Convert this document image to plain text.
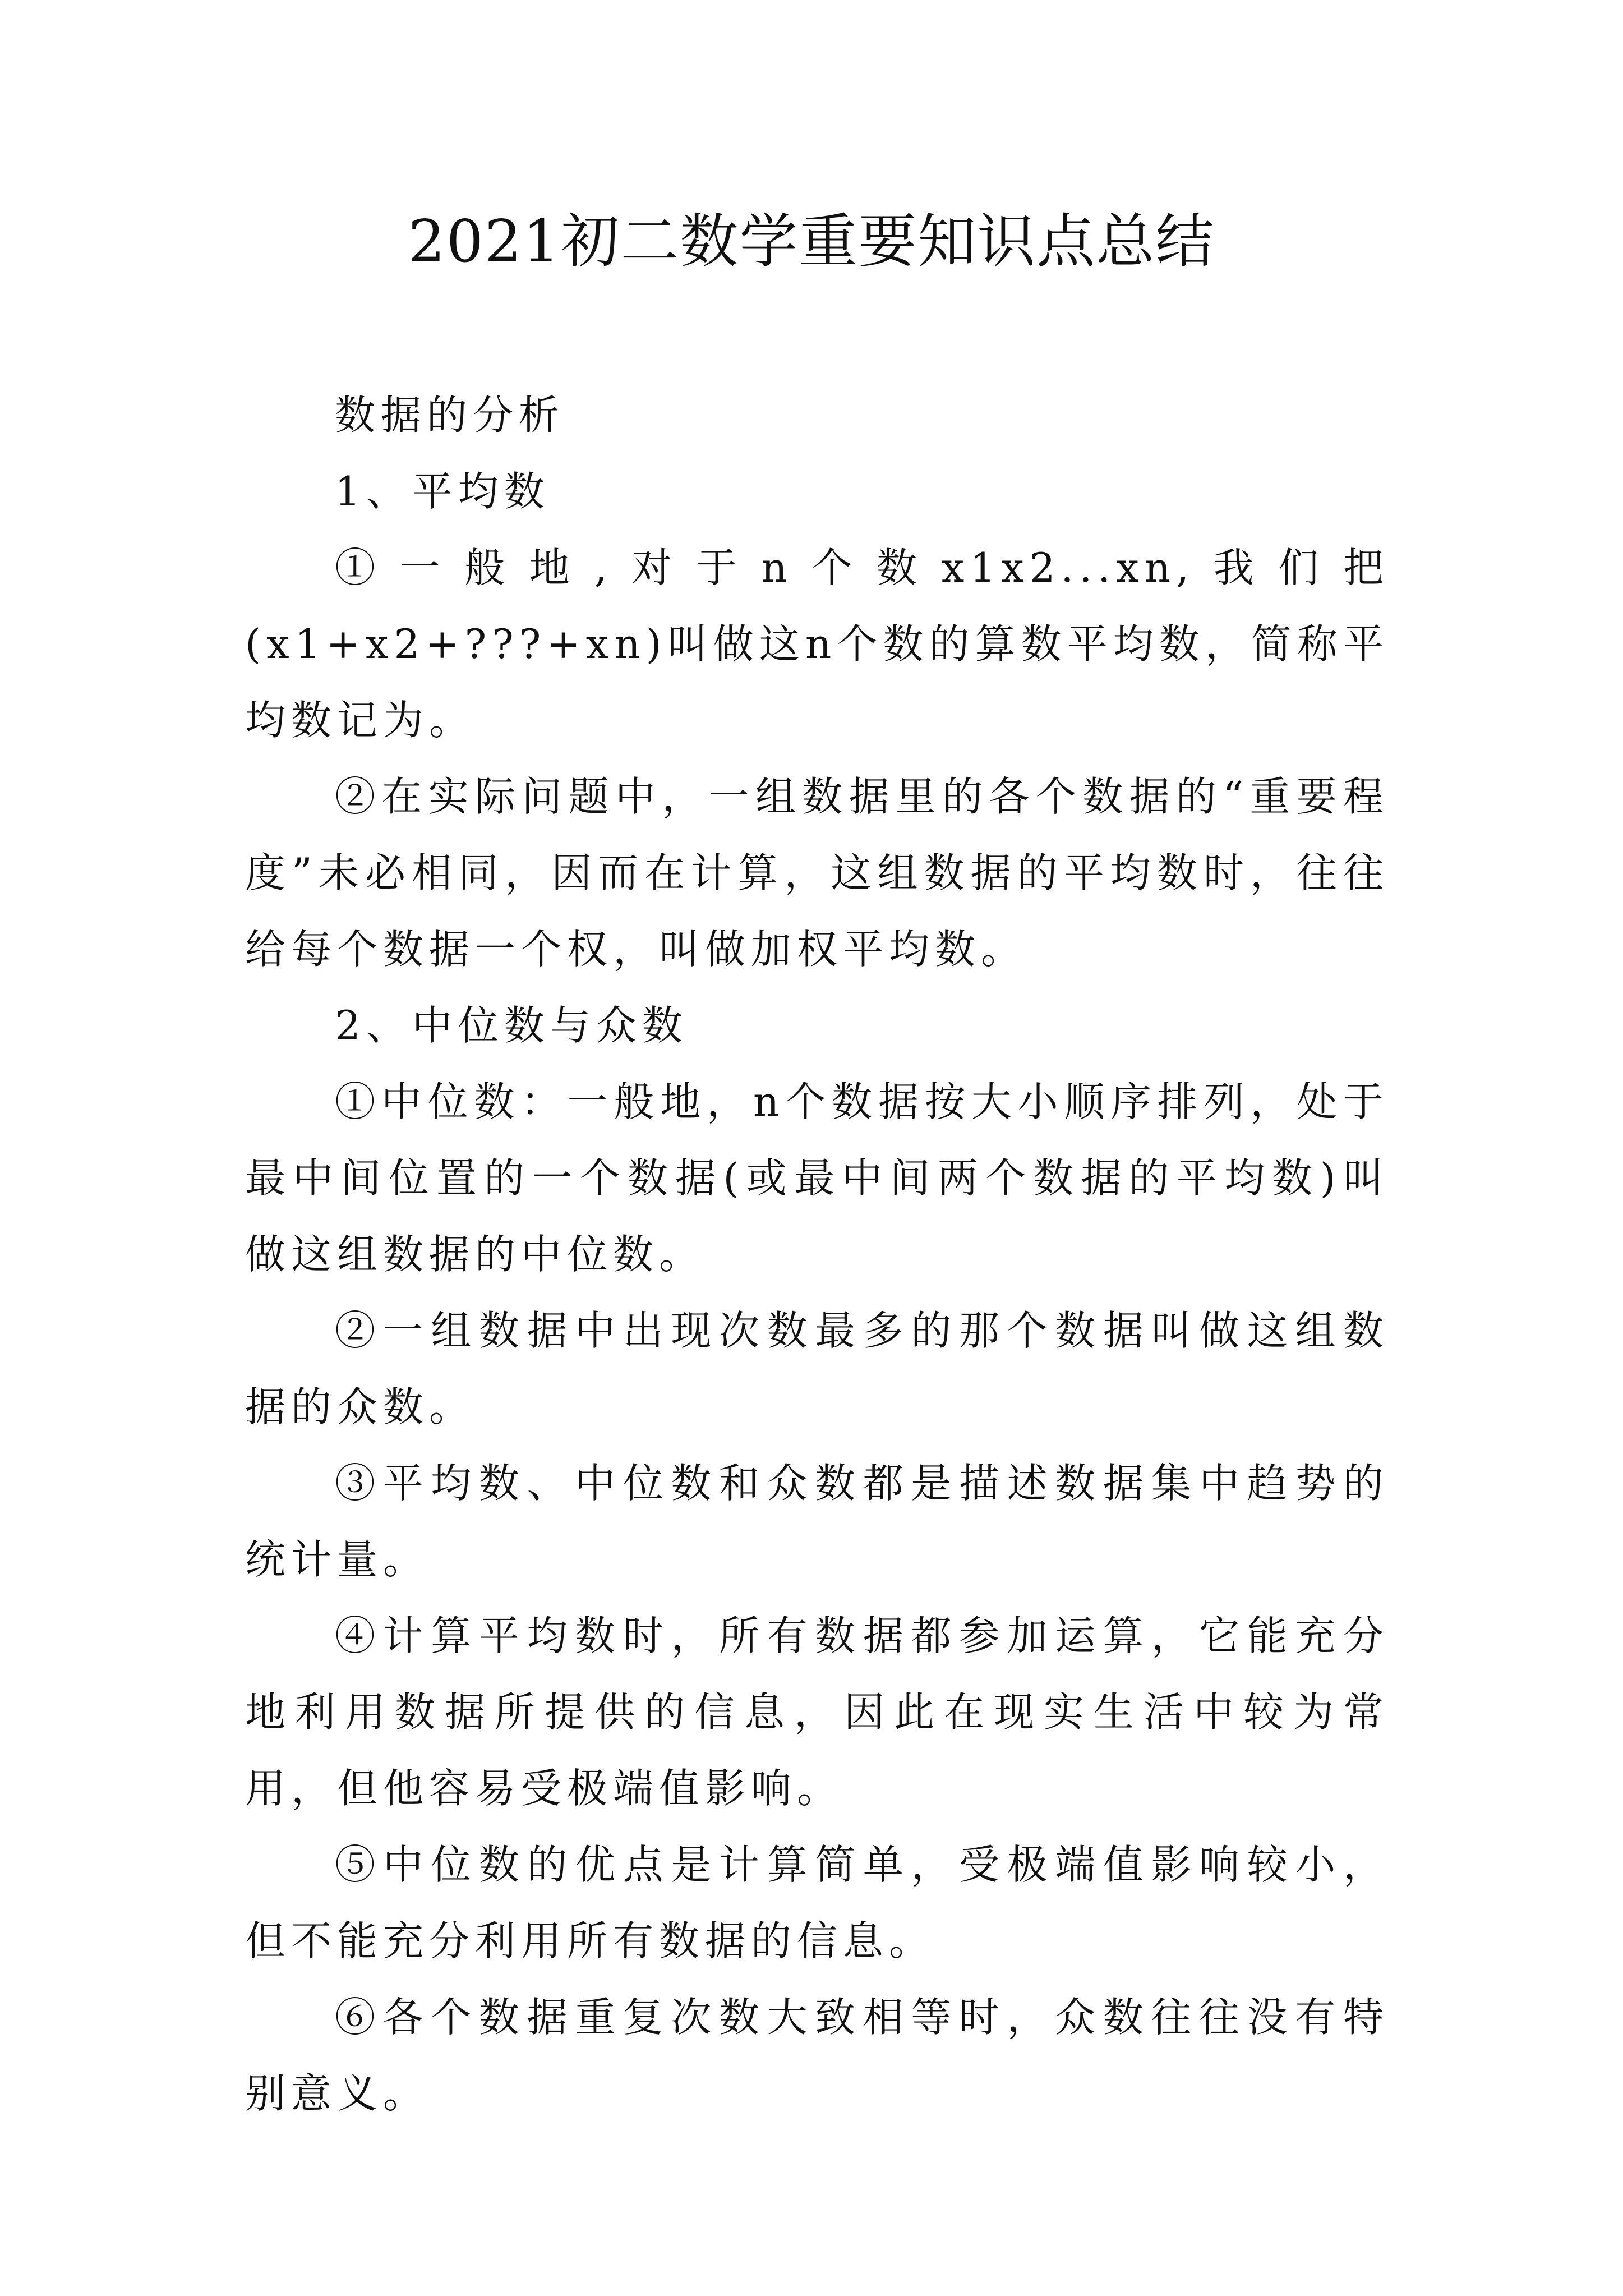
2021初二数学重要知识点总结

数据的分析

1、平均数

①一般地,对于n个数x1x2...xn,我们把(x1+x2+???+xn)叫做这n个数的算数平均数，简称平均数记为。

②在实际问题中，一组数据里的各个数据的“重要程度”未必相同，因而在计算，这组数据的平均数时，往往给每个数据一个权，叫做加权平均数。

2、中位数与众数

①中位数：一般地，n个数据按大小顺序排列，处于最中间位置的一个数据(或最中间两个数据的平均数)叫做这组数据的中位数。

②一组数据中出现次数最多的那个数据叫做这组数据的众数。

③平均数、中位数和众数都是描述数据集中趋势的统计量。

④计算平均数时，所有数据都参加运算，它能充分地利用数据所提供的信息，因此在现实生活中较为常用，但他容易受极端值影响。

⑤中位数的优点是计算简单，受极端值影响较小，但不能充分利用所有数据的信息。

⑥各个数据重复次数大致相等时，众数往往没有特别意义。
